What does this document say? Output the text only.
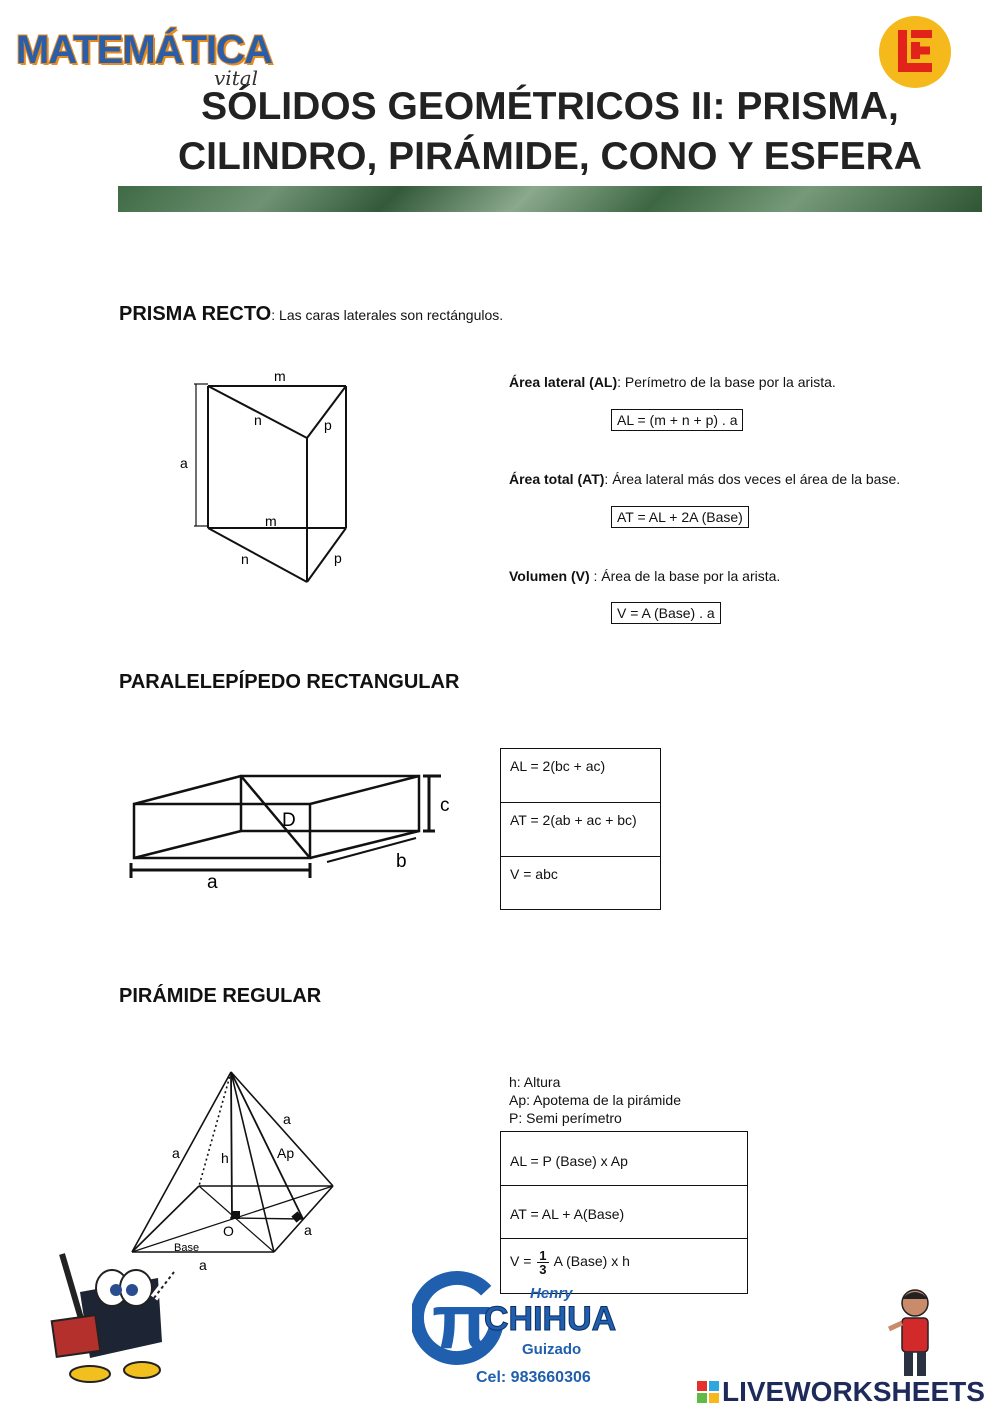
MATEMÁTICA
vital
SÓLIDOS GEOMÉTRICOS II: PRISMA,
CILINDRO, PIRÁMIDE, CONO Y ESFERA
PRISMA RECTO: Las caras laterales son rectángulos.
m
n	p
a
m
n	p
Área lateral (AL): Perímetro de la base por la arista.
AL = (m + n + p) . a
Área total (AT): Área lateral más dos veces el área de la base.
AT = AL + 2A (Base)
Volumen (V) : Área de la base por la arista.
V = A (Base) . a
PARALELEPÍPEDO RECTANGULAR
D
c
b
a
AL = 2(bc + ac)
AT = 2(ab + ac + bc)
V = abc
PIRÁMIDE REGULAR
a
a	h	Ap
O	a
Base
a
h: Altura
Ap: Apotema de la pirámide
P: Semi perímetro
AL = P (Base) x Ap
AT = AL + A(Base)
$V = \frac{1}{3}$ A (Base) x h
π	Henry
CHIHUA
Guizado
Cel: 983660306	LIVEWORKSHEETS
